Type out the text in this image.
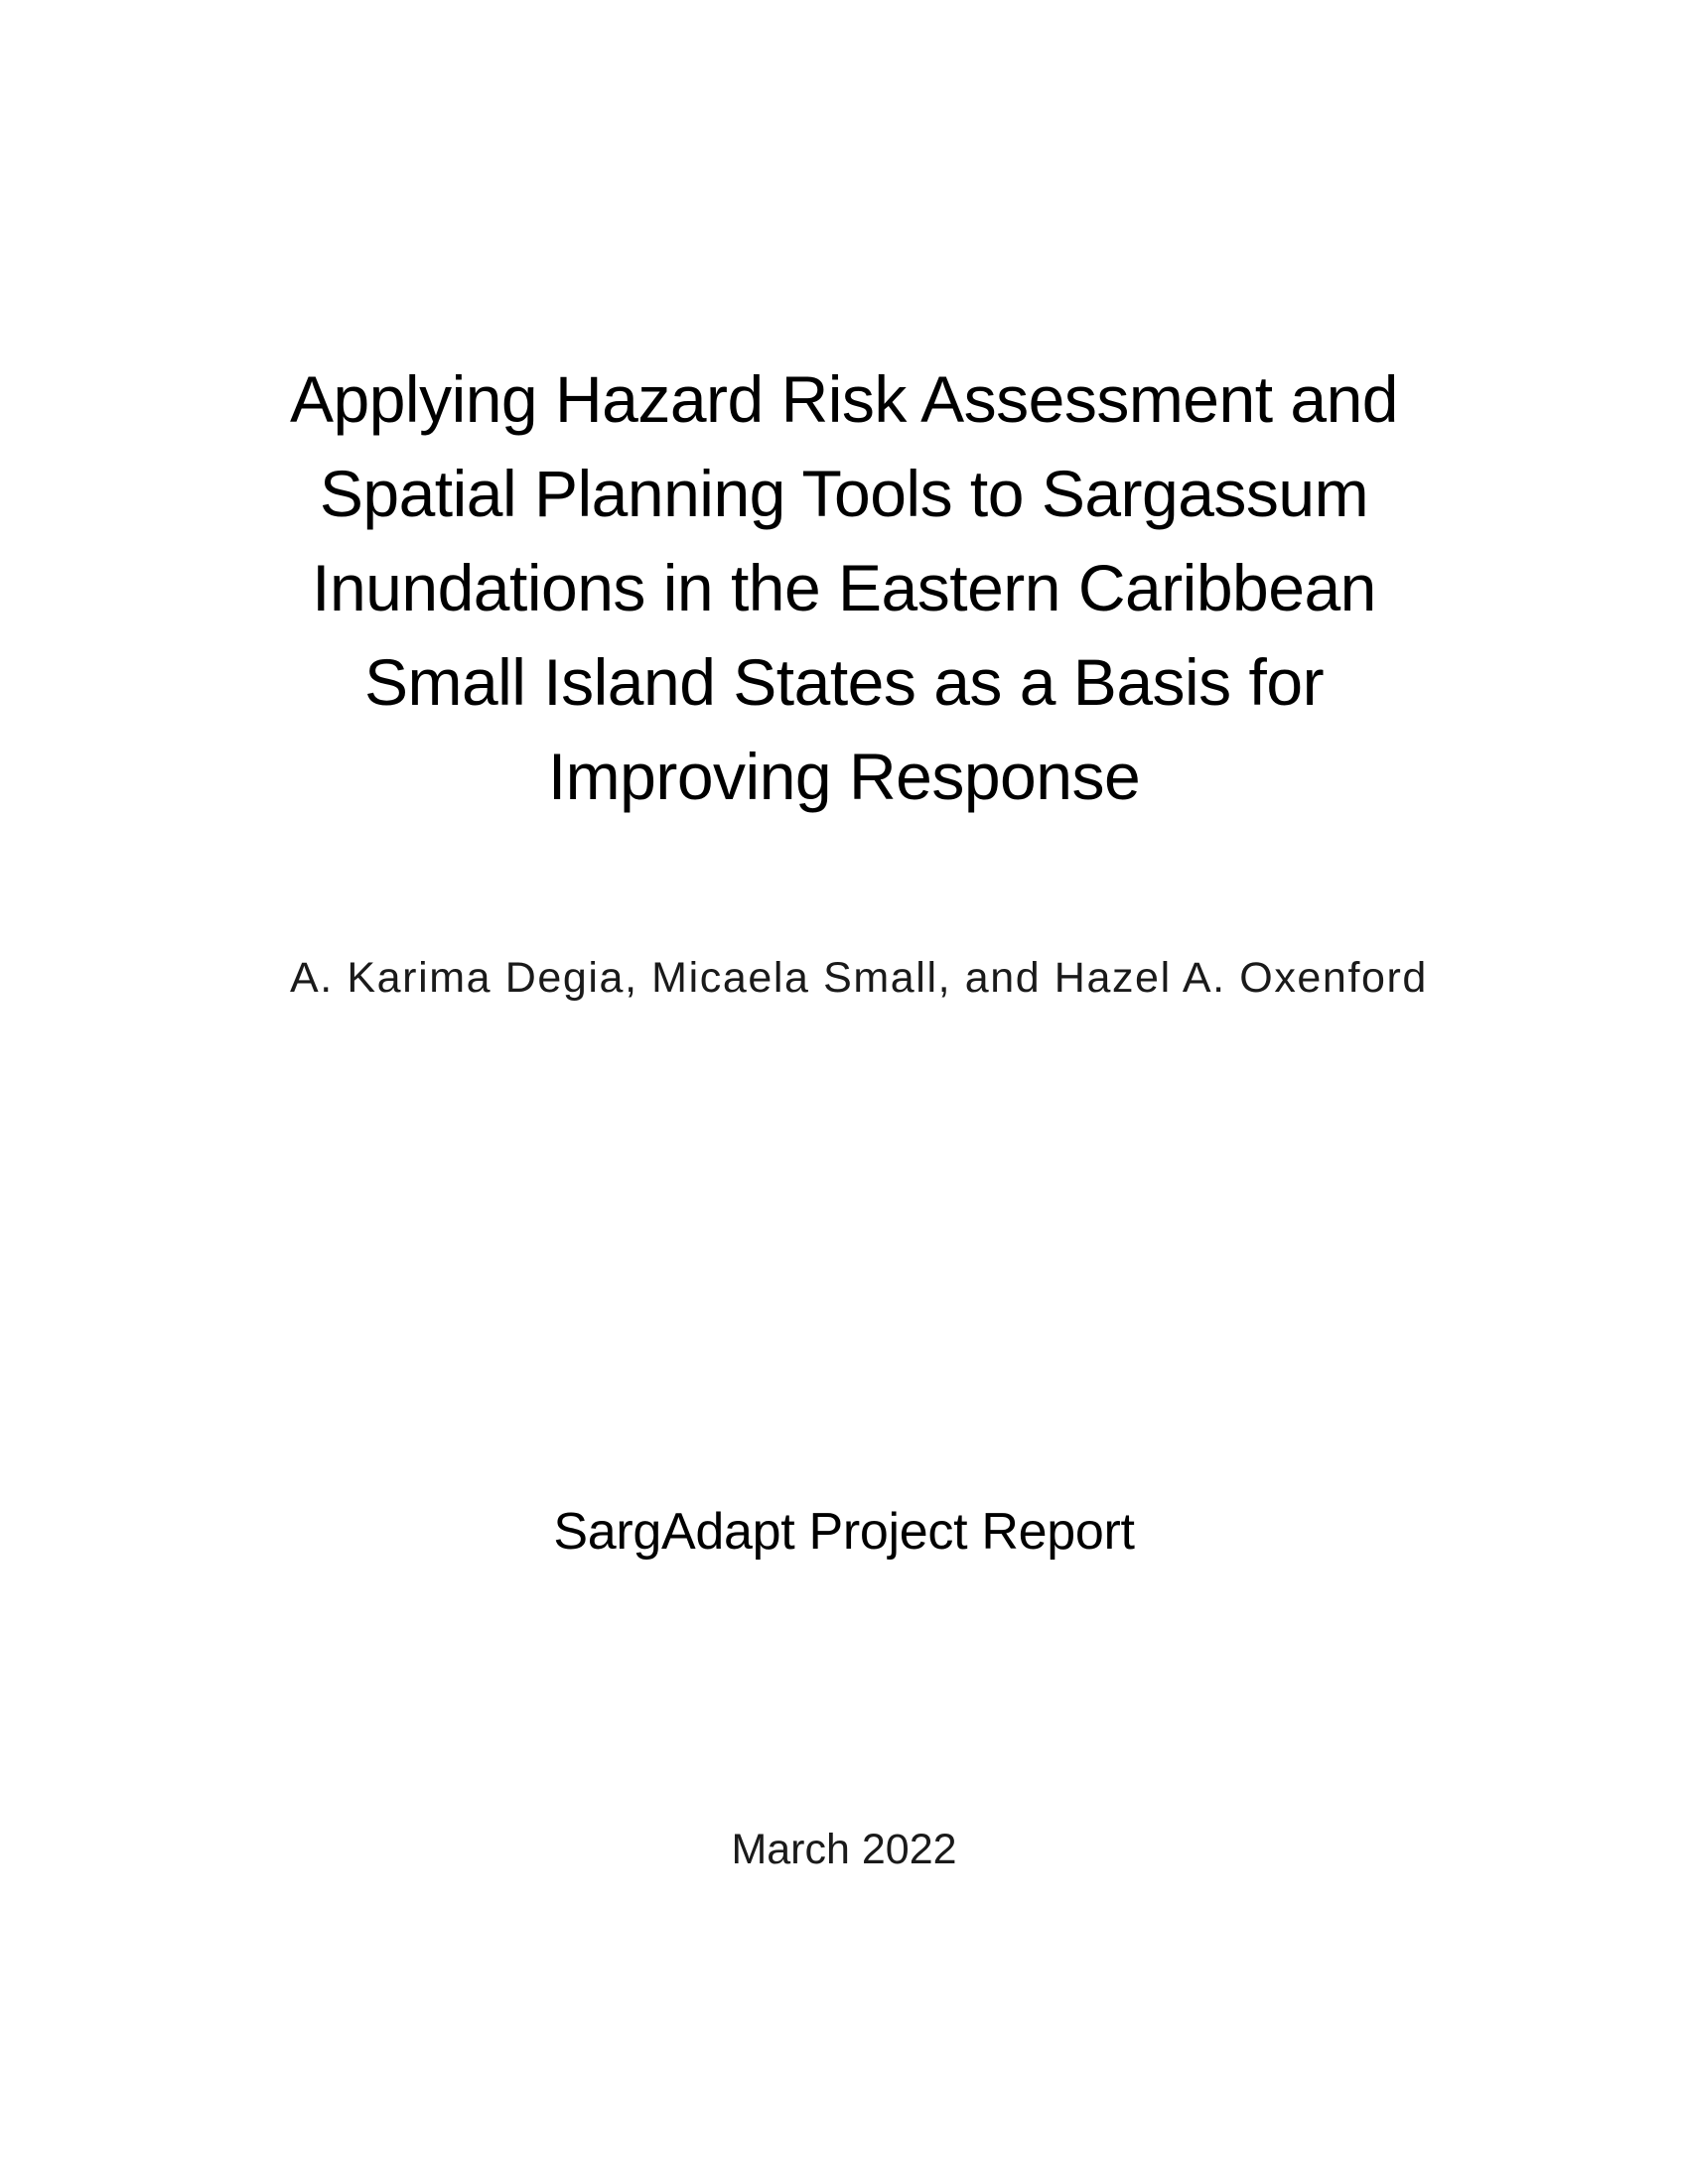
Applying Hazard Risk Assessment and
Spatial Planning Tools to Sargassum
Inundations in the Eastern Caribbean
Small Island States as a Basis for
Improving Response
A. Karima Degia, Micaela Small, and Hazel A. Oxenford
SargAdapt Project Report
March 2022
